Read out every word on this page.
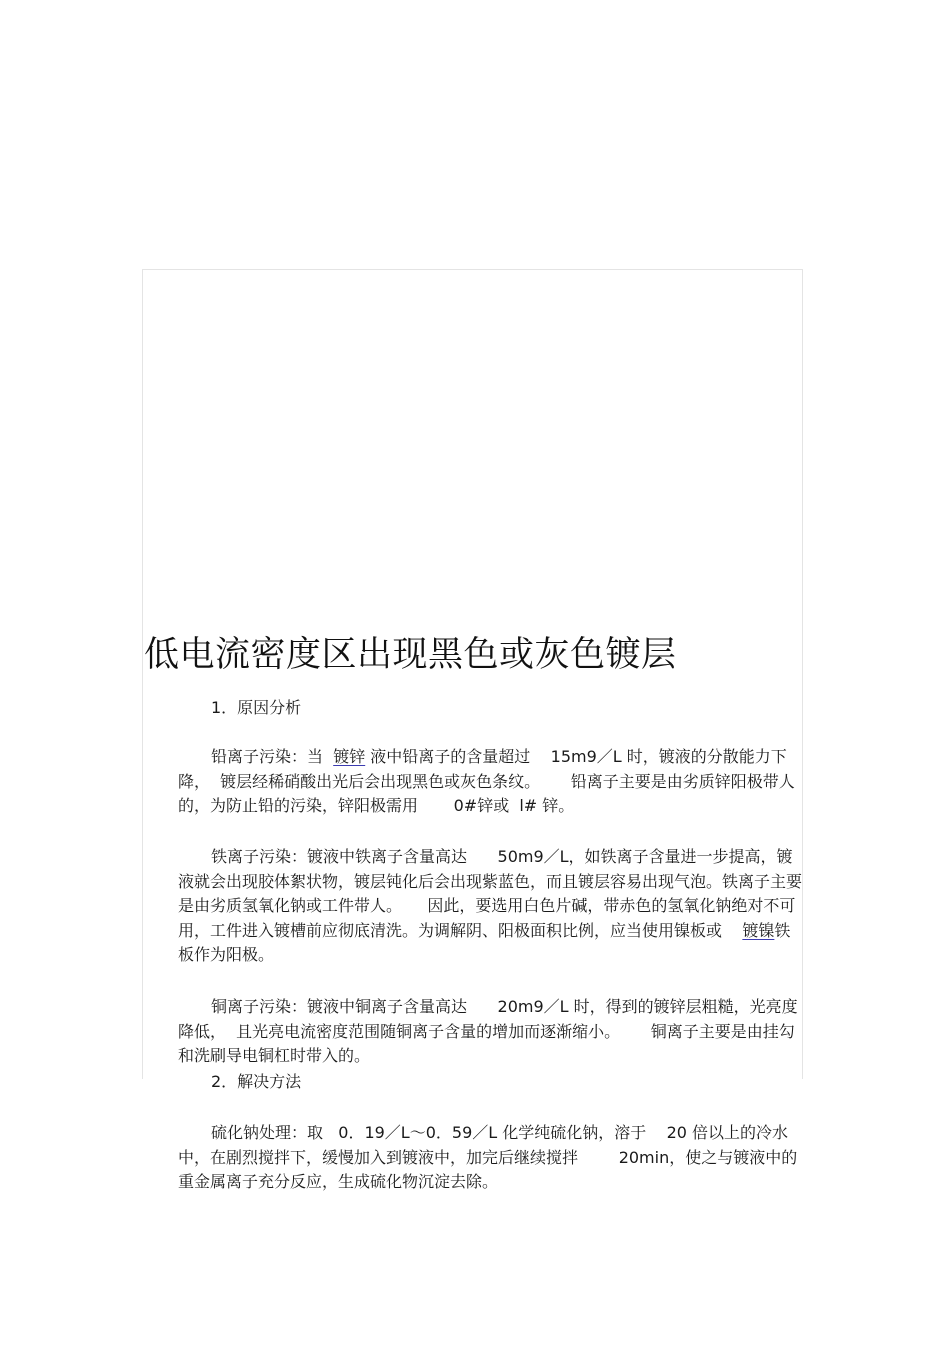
低电流密度区出现黑色或灰色镀层

1．原因分析

铅离子污染：当  镀锌 液中铅离子的含量超过    15m9／L 时，镀液的分散能力下降，  镀层经稀硝酸出光后会出现黑色或灰色条纹。      铅离子主要是由劣质锌阳极带人的，为防止铅的污染，锌阳极需用       0#锌或  l# 锌。

铁离子污染：镀液中铁离子含量高达      50m9／L，如铁离子含量进一步提高，镀液就会出现胶体絮状物，镀层钝化后会出现紫蓝色，而且镀层容易出现气泡。铁离子主要是由劣质氢氧化钠或工件带人。     因此，要选用白色片碱，带赤色的氢氧化钠绝对不可用，工件进入镀槽前应彻底清洗。为调解阴、阳极面积比例，应当使用镍板或    镀镍铁板作为阳极。

铜离子污染：镀液中铜离子含量高达      20m9／L 时，得到的镀锌层粗糙，光亮度降低，  且光亮电流密度范围随铜离子含量的增加而逐渐缩小。      铜离子主要是由挂勾和洗刷导电铜杠时带入的。

2．解决方法

硫化钠处理：取   0．19／L～0．59／L 化学纯硫化钠，溶于    20 倍以上的冷水中，在剧烈搅拌下，缓慢加入到镀液中，加完后继续搅拌        20min，使之与镀液中的重金属离子充分反应，生成硫化物沉淀去除。
